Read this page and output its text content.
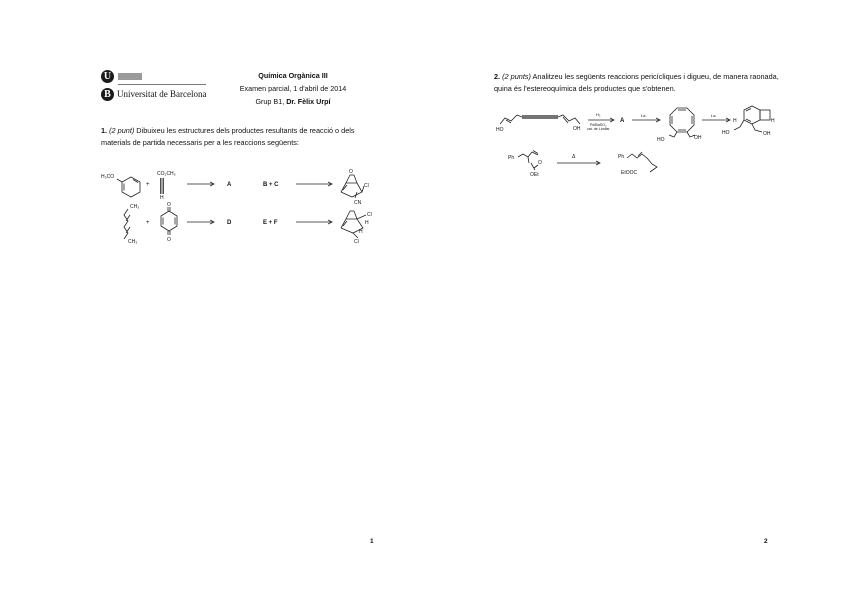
U
B Universitat de Barcelona
Química Orgànica III
Examen parcial, 1 d'abril de 2014
Grup B1, Dr. Fèlix Urpí
1. (2 punt) Dibuixeu les estructures dels productes resultants de reacció o dels materials de partida necessaris per a les reaccions següents:
1
2. (2 punts) Analitzeu les següents reaccions pericícliques i digueu, de manera raonada, quina és l'estereoquímica dels productes que s'obtenen.
2
H₃CO
+
CO₂CH₃
H
A	B + C
O
Cl
CN
CH₃
CH₃
+
O
O
D	E + F
Cl
H
H
Cl
HO	OH
H₂
Pd/BaSO₄
cat. de Lindlar
A
t.a.
HO	OH
t.a.
H	H
HO	OH
Ph
O
OEt
Δ	Ph
EtOOC
